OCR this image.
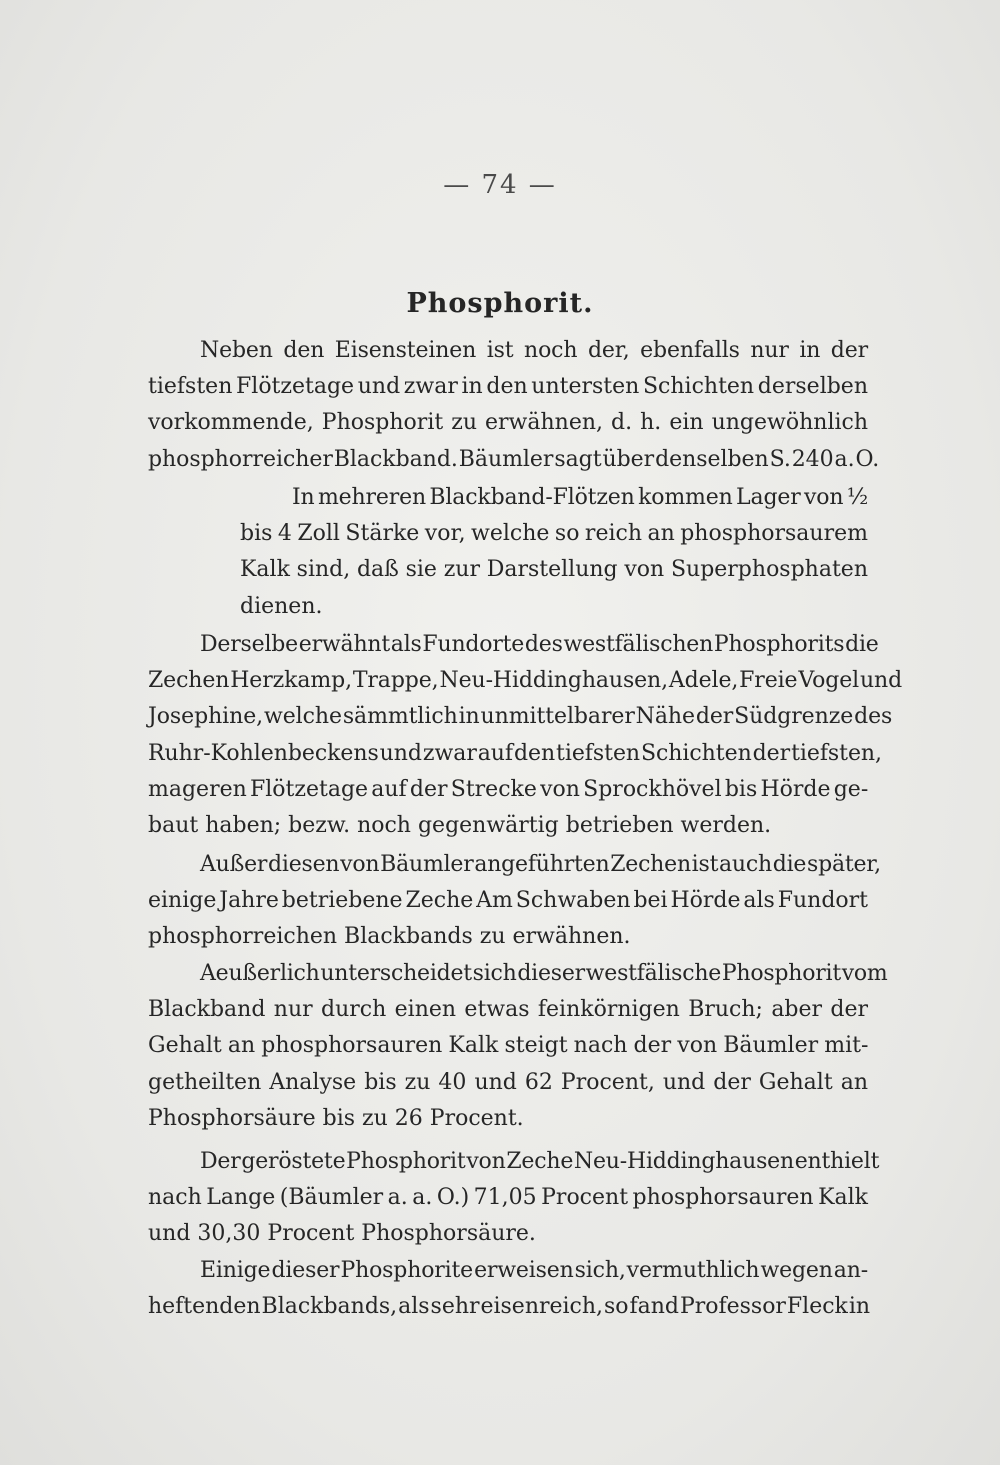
— 74 —
Phosphorit.
Neben den Eisensteinen ist noch der, ebenfalls nur in der
tiefsten Flötzetage und zwar in den untersten Schichten derselben
vorkommende, Phosphorit zu erwähnen, d. h. ein ungewöhnlich
phosphorreicher Blackband. Bäumler sagt über denselben S. 240 a. O.
In mehreren Blackband-Flötzen kommen Lager von ½
bis 4 Zoll Stärke vor, welche so reich an phosphorsaurem
Kalk sind, daß sie zur Darstellung von Superphosphaten
dienen.
Derselbe erwähnt als Fundorte des westfälischen Phosphorits die
Zechen Herzkamp, Trappe, Neu-Hiddinghausen, Adele, Freie Vogel und
Josephine, welche sämmtlich in unmittelbarer Nähe der Südgrenze des
Ruhr-Kohlenbeckens und zwar auf den tiefsten Schichten der tiefsten,
mageren Flötzetage auf der Strecke von Sprockhövel bis Hörde ge-
baut haben; bezw. noch gegenwärtig betrieben werden.
Außer diesen von Bäumler angeführten Zechen ist auch die später,
einige Jahre betriebene Zeche Am Schwaben bei Hörde als Fundort
phosphorreichen Blackbands zu erwähnen.
Aeußerlich unterscheidet sich dieser westfälische Phosphorit vom
Blackband nur durch einen etwas feinkörnigen Bruch; aber der
Gehalt an phosphorsauren Kalk steigt nach der von Bäumler mit-
getheilten Analyse bis zu 40 und 62 Procent, und der Gehalt an
Phosphorsäure bis zu 26 Procent.
Der geröstete Phosphorit von Zeche Neu-Hiddinghausen enthielt
nach Lange (Bäumler a. a. O.) 71,05 Procent phosphorsauren Kalk
und 30,30 Procent Phosphorsäure.
Einige dieser Phosphorite erweisen sich, vermuthlich wegen an-
heftenden Blackbands, als sehr eisenreich, so fand Professor Fleck in
